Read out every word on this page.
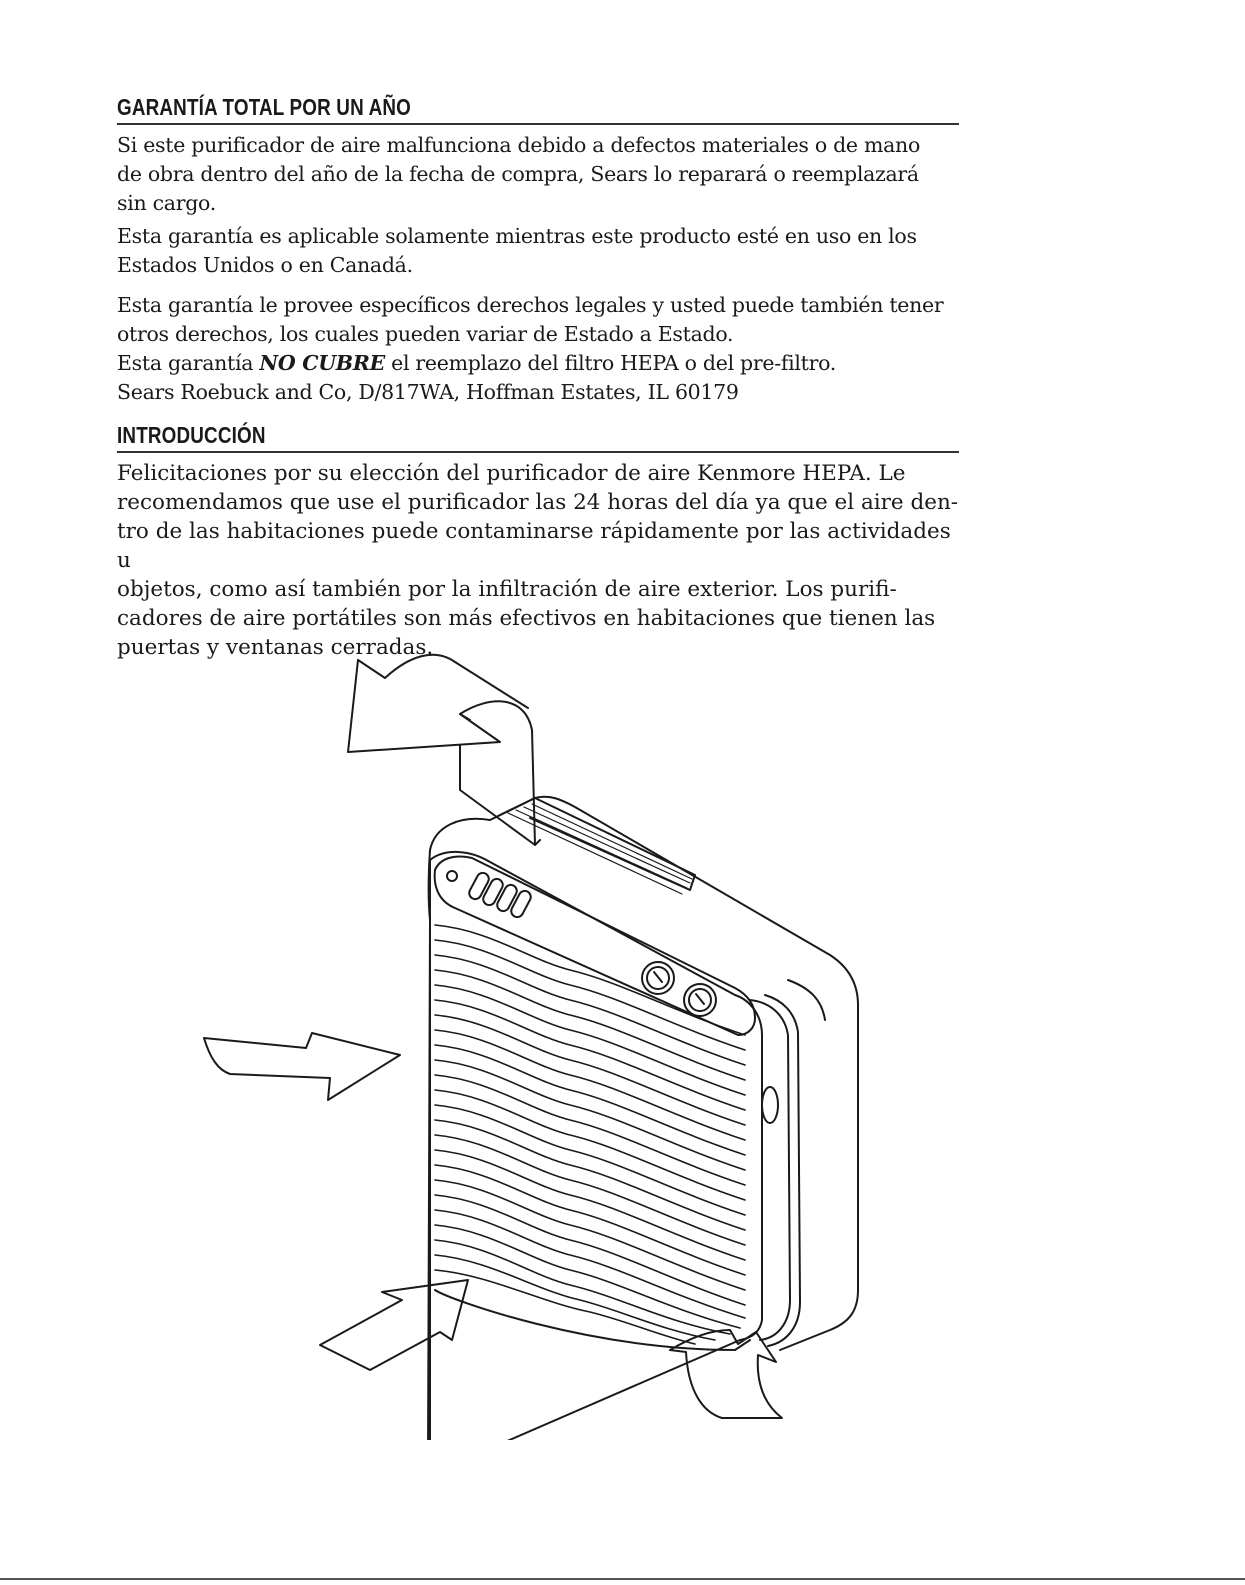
GARANTÍA TOTAL POR UN AÑO

Si este purificador de aire malfunciona debido a defectos materiales o de mano
de obra dentro del año de la fecha de compra, Sears lo reparará o reemplazará
sin cargo.

Esta garantía es aplicable solamente mientras este producto esté en uso en los
Estados Unidos o en Canadá.

Esta garantía le provee específicos derechos legales y usted puede también tener
otros derechos, los cuales pueden variar de Estado a Estado.
Esta garantía NO CUBRE el reemplazo del filtro HEPA o del pre-filtro.
Sears Roebuck and Co, D/817WA, Hoffman Estates, IL 60179

INTRODUCCIÓN

Felicitaciones por su elección del purificador de aire Kenmore HEPA. Le
recomendamos que use el purificador las 24 horas del día ya que el aire den-
tro de las habitaciones puede contaminarse rápidamente por las actividades u
objetos, como así también por la infiltración de aire exterior. Los purifi-
cadores de aire portátiles son más efectivos en habitaciones que tienen las
puertas y ventanas cerradas.
